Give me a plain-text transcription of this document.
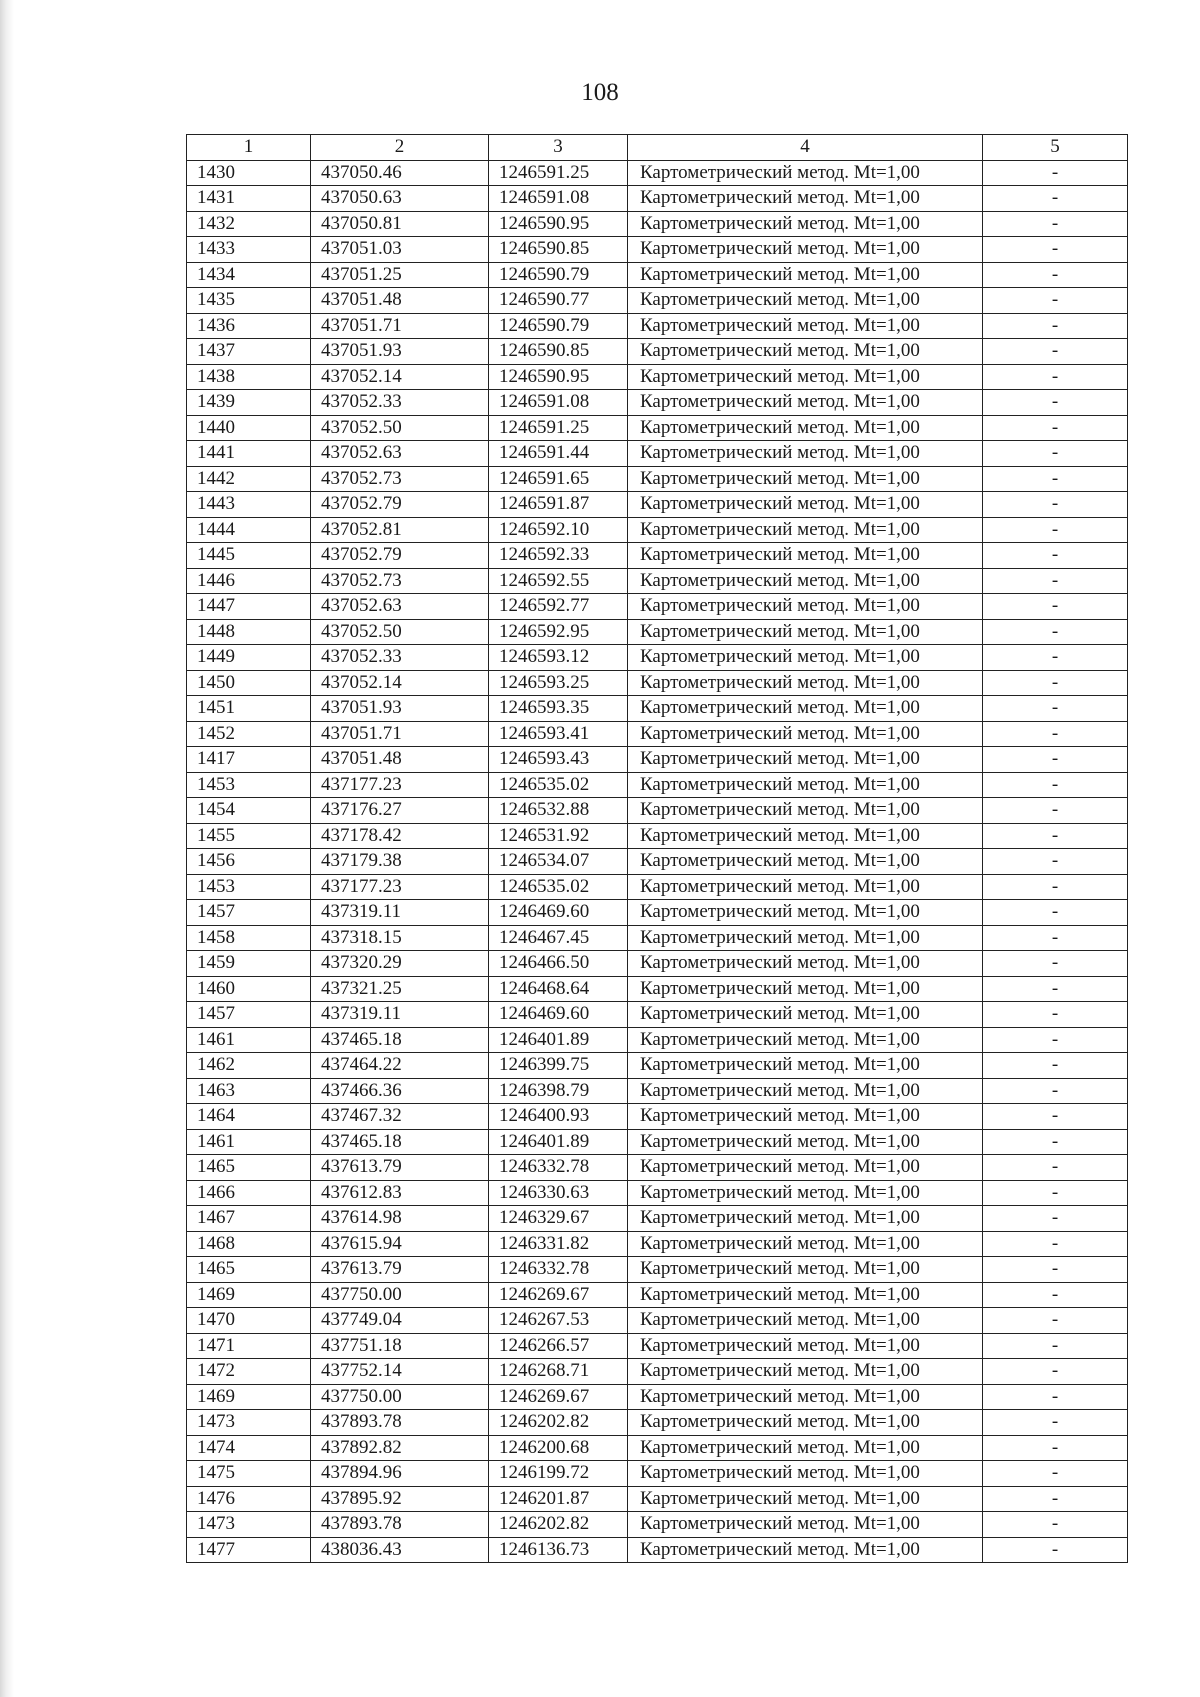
108
1	2	3	4	5
1430	437050.46	1246591.25	Картометрический метод. Mt=1,00	-
1431	437050.63	1246591.08	Картометрический метод. Mt=1,00	-
1432	437050.81	1246590.95	Картометрический метод. Mt=1,00	-
1433	437051.03	1246590.85	Картометрический метод. Mt=1,00	-
1434	437051.25	1246590.79	Картометрический метод. Mt=1,00	-
1435	437051.48	1246590.77	Картометрический метод. Mt=1,00	-
1436	437051.71	1246590.79	Картометрический метод. Mt=1,00	-
1437	437051.93	1246590.85	Картометрический метод. Mt=1,00	-
1438	437052.14	1246590.95	Картометрический метод. Mt=1,00	-
1439	437052.33	1246591.08	Картометрический метод. Mt=1,00	-
1440	437052.50	1246591.25	Картометрический метод. Mt=1,00	-
1441	437052.63	1246591.44	Картометрический метод. Mt=1,00	-
1442	437052.73	1246591.65	Картометрический метод. Mt=1,00	-
1443	437052.79	1246591.87	Картометрический метод. Mt=1,00	-
1444	437052.81	1246592.10	Картометрический метод. Mt=1,00	-
1445	437052.79	1246592.33	Картометрический метод. Mt=1,00	-
1446	437052.73	1246592.55	Картометрический метод. Mt=1,00	-
1447	437052.63	1246592.77	Картометрический метод. Mt=1,00	-
1448	437052.50	1246592.95	Картометрический метод. Mt=1,00	-
1449	437052.33	1246593.12	Картометрический метод. Mt=1,00	-
1450	437052.14	1246593.25	Картометрический метод. Mt=1,00	-
1451	437051.93	1246593.35	Картометрический метод. Mt=1,00	-
1452	437051.71	1246593.41	Картометрический метод. Mt=1,00	-
1417	437051.48	1246593.43	Картометрический метод. Mt=1,00	-
1453	437177.23	1246535.02	Картометрический метод. Mt=1,00	-
1454	437176.27	1246532.88	Картометрический метод. Mt=1,00	-
1455	437178.42	1246531.92	Картометрический метод. Mt=1,00	-
1456	437179.38	1246534.07	Картометрический метод. Mt=1,00	-
1453	437177.23	1246535.02	Картометрический метод. Mt=1,00	-
1457	437319.11	1246469.60	Картометрический метод. Mt=1,00	-
1458	437318.15	1246467.45	Картометрический метод. Mt=1,00	-
1459	437320.29	1246466.50	Картометрический метод. Mt=1,00	-
1460	437321.25	1246468.64	Картометрический метод. Mt=1,00	-
1457	437319.11	1246469.60	Картометрический метод. Mt=1,00	-
1461	437465.18	1246401.89	Картометрический метод. Mt=1,00	-
1462	437464.22	1246399.75	Картометрический метод. Mt=1,00	-
1463	437466.36	1246398.79	Картометрический метод. Mt=1,00	-
1464	437467.32	1246400.93	Картометрический метод. Mt=1,00	-
1461	437465.18	1246401.89	Картометрический метод. Mt=1,00	-
1465	437613.79	1246332.78	Картометрический метод. Mt=1,00	-
1466	437612.83	1246330.63	Картометрический метод. Mt=1,00	-
1467	437614.98	1246329.67	Картометрический метод. Mt=1,00	-
1468	437615.94	1246331.82	Картометрический метод. Mt=1,00	-
1465	437613.79	1246332.78	Картометрический метод. Mt=1,00	-
1469	437750.00	1246269.67	Картометрический метод. Mt=1,00	-
1470	437749.04	1246267.53	Картометрический метод. Mt=1,00	-
1471	437751.18	1246266.57	Картометрический метод. Mt=1,00	-
1472	437752.14	1246268.71	Картометрический метод. Mt=1,00	-
1469	437750.00	1246269.67	Картометрический метод. Mt=1,00	-
1473	437893.78	1246202.82	Картометрический метод. Mt=1,00	-
1474	437892.82	1246200.68	Картометрический метод. Mt=1,00	-
1475	437894.96	1246199.72	Картометрический метод. Mt=1,00	-
1476	437895.92	1246201.87	Картометрический метод. Mt=1,00	-
1473	437893.78	1246202.82	Картометрический метод. Mt=1,00	-
1477	438036.43	1246136.73	Картометрический метод. Mt=1,00	-
